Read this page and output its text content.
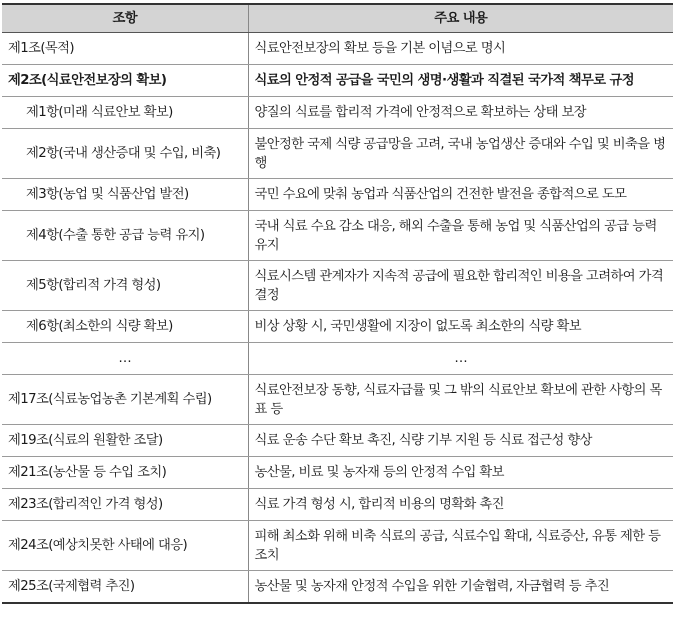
조항	주요 내용
제1조(목적)	식료안전보장의 확보 등을 기본 이념으로 명시
제2조(식료안전보장의 확보)	식료의 안정적 공급을 국민의 생명·생활과 직결된 국가적 책무로 규정
제1항(미래 식료안보 확보)	양질의 식료를 합리적 가격에 안정적으로 확보하는 상태 보장
제2항(국내 생산증대 및 수입, 비축)	불안정한 국제 식량 공급망을 고려, 국내 농업생산 증대와 수입 및 비축을 병행
제3항(농업 및 식품산업 발전)	국민 수요에 맞춰 농업과 식품산업의 건전한 발전을 종합적으로 도모
제4항(수출 통한 공급 능력 유지)	국내 식료 수요 감소 대응, 해외 수출을 통해 농업 및 식품산업의 공급 능력 유지
제5항(합리적 가격 형성)	식료시스템 관계자가 지속적 공급에 필요한 합리적인 비용을 고려하여 가격 결정
제6항(최소한의 식량 확보)	비상 상황 시, 국민생활에 지장이 없도록 최소한의 식량 확보
…	…
제17조(식료농업농촌 기본계획 수립)	식료안전보장 동향, 식료자급률 및 그 밖의 식료안보 확보에 관한 사항의 목표 등
제19조(식료의 원활한 조달)	식료 운송 수단 확보 촉진, 식량 기부 지원 등 식료 접근성 향상
제21조(농산물 등 수입 조치)	농산물, 비료 및 농자재 등의 안정적 수입 확보
제23조(합리적인 가격 형성)	식료 가격 형성 시, 합리적 비용의 명확화 촉진
제24조(예상치못한 사태에 대응)	피해 최소화 위해 비축 식료의 공급, 식료수입 확대, 식료증산, 유통 제한 등 조치
제25조(국제협력 추진)	농산물 및 농자재 안정적 수입을 위한 기술협력, 자금협력 등 추진
